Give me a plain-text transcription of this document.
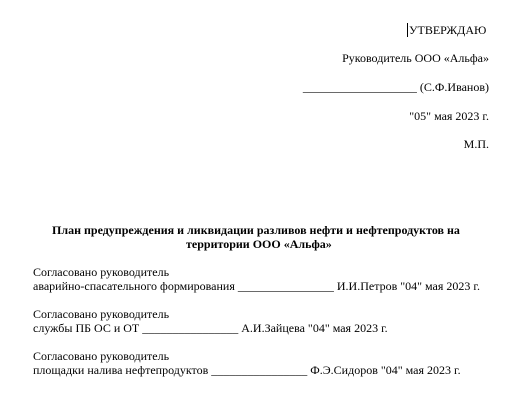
УТВЕРЖДАЮ
Руководитель ООО «Альфа»
___________________ (С.Ф.Иванов)
"05" мая 2023 г.
М.П.
План предупреждения и ликвидации разливов нефти и нефтепродуктов на
территории ООО «Альфа»
Согласовано руководитель
аварийно-спасательного формирования ________________ И.И.Петров "04" мая 2023 г.
Согласовано руководитель
службы ПБ ОС и ОТ ________________ А.И.Зайцева "04" мая 2023 г.
Согласовано руководитель
площадки налива нефтепродуктов ________________ Ф.Э.Сидоров "04" мая 2023 г.
